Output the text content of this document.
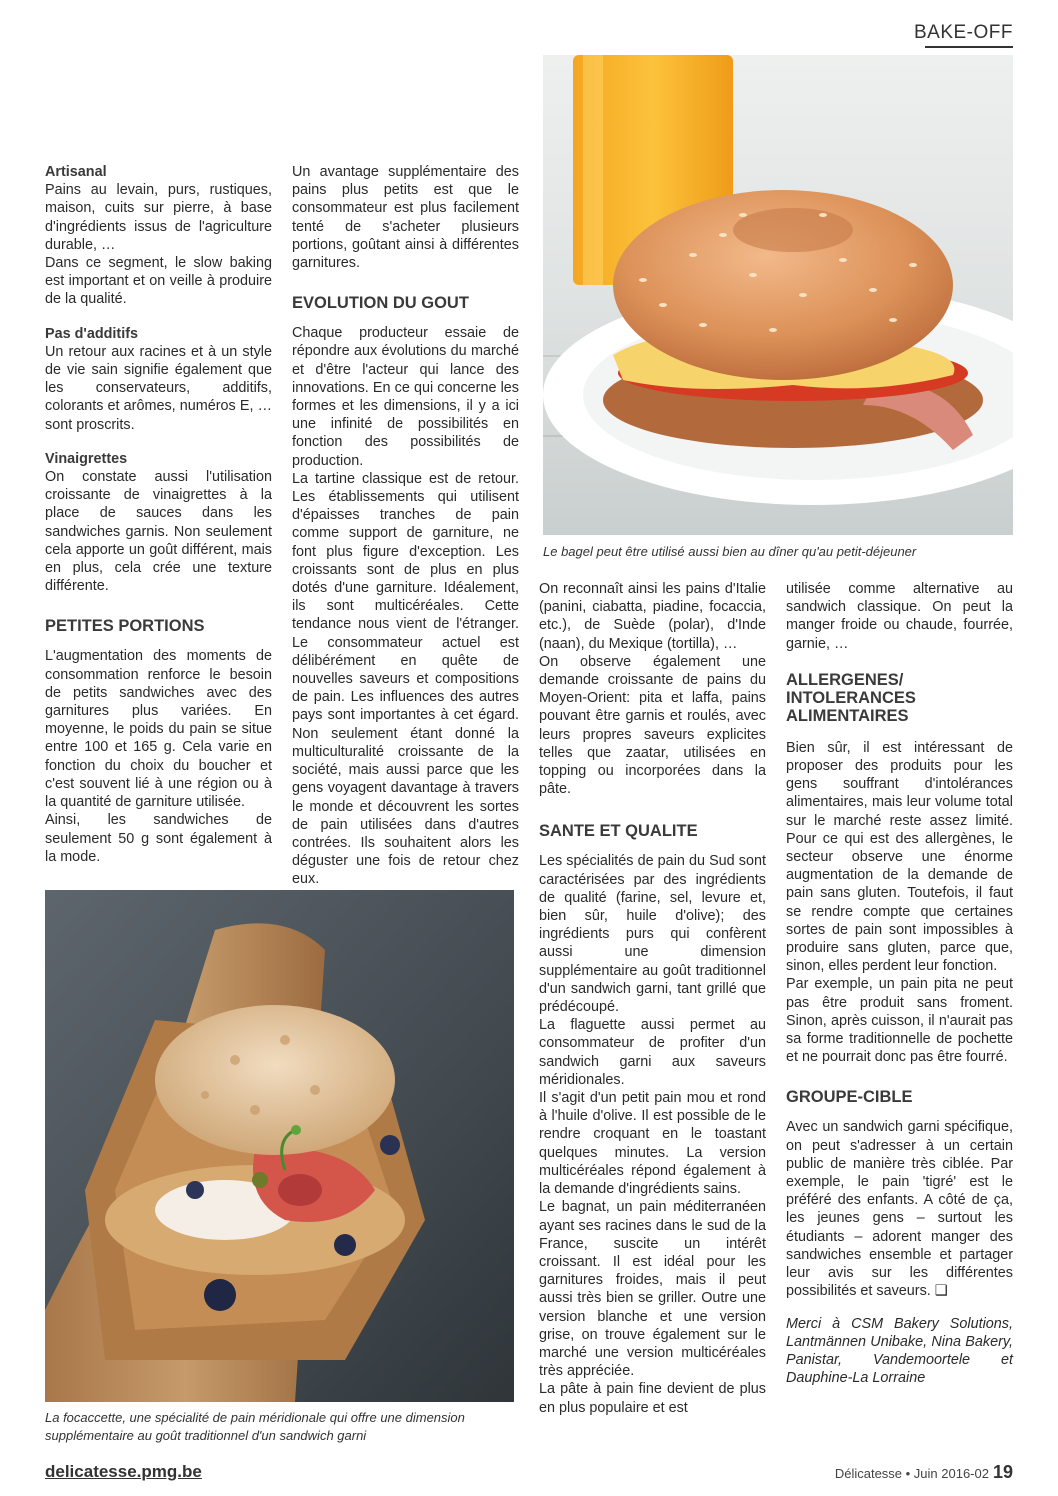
BAKE-OFF
Le bagel peut être utilisé aussi bien au dîner qu'au petit-déjeuner
La focaccette, une spécialité de pain méridionale qui offre une dimension supplémentaire au goût traditionnel d'un sandwich garni

Artisanal

Pains au levain, purs, rustiques, maison, cuits sur pierre, à base d'ingrédients issus de l'agriculture durable, …

Dans ce segment, le slow baking est important et on veille à produire de la qualité.

Pas d'additifs

Un retour aux racines et à un style de vie sain signifie également que les conservateurs, additifs, colorants et arômes, numéros E, … sont proscrits.

Vinaigrettes

On constate aussi l'utilisation croissante de vinaigrettes à la place de sauces dans les sandwiches garnis. Non seulement cela apporte un goût différent, mais en plus, cela crée une texture différente.

PETITES PORTIONS

L'augmentation des moments de consommation renforce le besoin de petits sandwiches avec des garnitures plus variées. En moyenne, le poids du pain se situe entre 100 et 165 g. Cela varie en fonction du choix du boucher et c'est souvent lié à une région ou à la quantité de garniture utilisée.

Ainsi, les sandwiches de seulement 50 g sont également à la mode.

Un avantage supplémentaire des pains plus petits est que le consommateur est plus facilement tenté de s'acheter plusieurs portions, goûtant ainsi à différentes garnitures.

EVOLUTION DU GOUT

Chaque producteur essaie de répondre aux évolutions du marché et d'être l'acteur qui lance des innovations. En ce qui concerne les formes et les dimensions, il y a ici une infinité de possibilités en fonction des possibilités de production.

La tartine classique est de retour. Les établissements qui utilisent d'épaisses tranches de pain comme support de garniture, ne font plus figure d'exception. Les croissants sont de plus en plus dotés d'une garniture. Idéalement, ils sont multicéréales. Cette tendance nous vient de l'étranger. Le consommateur actuel est délibérément en quête de nouvelles saveurs et compositions de pain. Les influences des autres pays sont importantes à cet égard. Non seulement étant donné la multiculturalité croissante de la société, mais aussi parce que les gens voyagent davantage à travers le monde et découvrent les sortes de pain utilisées dans d'autres contrées. Ils souhaitent alors les déguster une fois de retour chez eux.

On reconnaît ainsi les pains d'Italie (panini, ciabatta, piadine, focaccia, etc.), de Suède (polar), d'Inde (naan), du Mexique (tortilla), …

On observe également une demande croissante de pains du Moyen-Orient: pita et laffa, pains pouvant être garnis et roulés, avec leurs propres saveurs explicites telles que zaatar, utilisées en topping ou incorporées dans la pâte.

SANTE ET QUALITE

Les spécialités de pain du Sud sont caractérisées par des ingrédients de qualité (farine, sel, levure et, bien sûr, huile d'olive); des ingrédients purs qui confèrent aussi une dimension supplémentaire au goût traditionnel d'un sandwich garni, tant grillé que prédécoupé.

La flaguette aussi permet au consommateur de profiter d'un sandwich garni aux saveurs méridionales.

Il s'agit d'un petit pain mou et rond à l'huile d'olive. Il est possible de le rendre croquant en le toastant quelques minutes. La version multicéréales répond également à la demande d'ingrédients sains.

Le bagnat, un pain méditerranéen ayant ses racines dans le sud de la France, suscite un intérêt croissant. Il est idéal pour les garnitures froides, mais il peut aussi très bien se griller. Outre une version blanche et une version grise, on trouve également sur le marché une version multicéréales très appréciée.

La pâte à pain fine devient de plus en plus populaire et est

utilisée comme alternative au sandwich classique. On peut la manger froide ou chaude, fourrée, garnie, …

ALLERGENES/ INTOLERANCES ALIMENTAIRES

Bien sûr, il est intéressant de proposer des produits pour les gens souffrant d'intolérances alimentaires, mais leur volume total sur le marché reste assez limité. Pour ce qui est des allergènes, le secteur observe une énorme augmentation de la demande de pain sans gluten. Toutefois, il faut se rendre compte que certaines sortes de pain sont impossibles à produire sans gluten, parce que, sinon, elles perdent leur fonction.

Par exemple, un pain pita ne peut pas être produit sans froment. Sinon, après cuisson, il n'aurait pas sa forme traditionnelle de pochette et ne pourrait donc pas être fourré.

GROUPE-CIBLE

Avec un sandwich garni spécifique, on peut s'adresser à un certain public de manière très ciblée. Par exemple, le pain 'tigré' est le préféré des enfants. A côté de ça, les jeunes gens – surtout les étudiants – adorent manger des sandwiches ensemble et partager leur avis sur les différentes possibilités et saveurs. ❑

Merci à CSM Bakery Solutions, Lantmännen Unibake, Nina Bakery, Panistar, Vandemoortele et Dauphine-La Lorraine

delicatesse.pmg.be	Délicatesse • Juin 2016-02 19
